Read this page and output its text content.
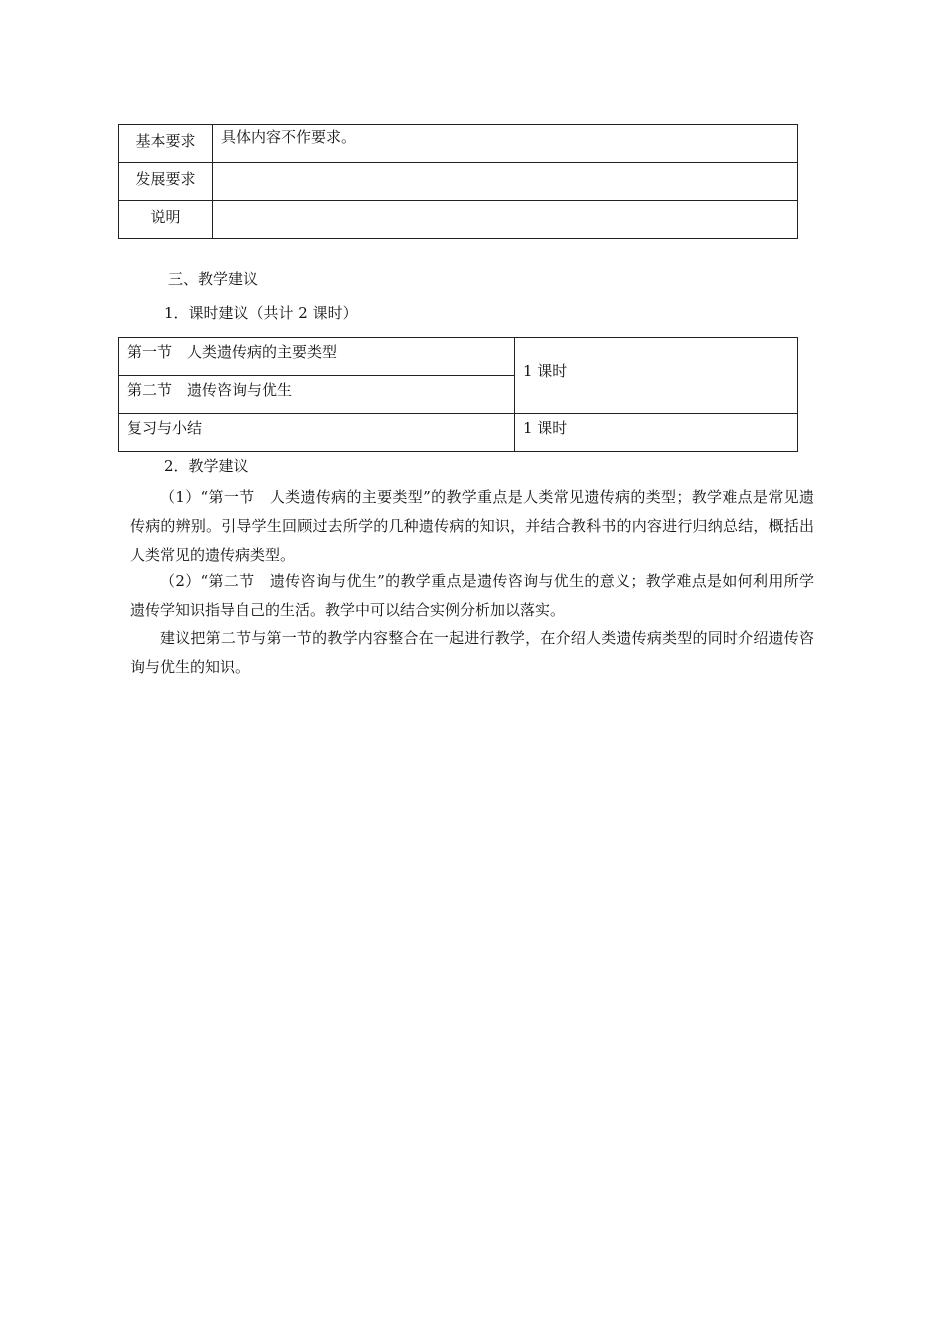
基本要求	具体内容不作要求。
发展要求	
说明	
三、教学建议
1．课时建议（共计 2 课时）
第一节　人类遗传病的主要类型	1 课时
第二节　遗传咨询与优生	
复习与小结	1 课时
2．教学建议
（1）“第一节　人类遗传病的主要类型”的教学重点是人类常见遗传病的类型；教学难点是常见遗传病的辨别。引导学生回顾过去所学的几种遗传病的知识，并结合教科书的内容进行归纳总结，概括出人类常见的遗传病类型。
（2）“第二节　遗传咨询与优生”的教学重点是遗传咨询与优生的意义；教学难点是如何利用所学遗传学知识指导自己的生活。教学中可以结合实例分析加以落实。
建议把第二节与第一节的教学内容整合在一起进行教学，在介绍人类遗传病类型的同时介绍遗传咨询与优生的知识。
